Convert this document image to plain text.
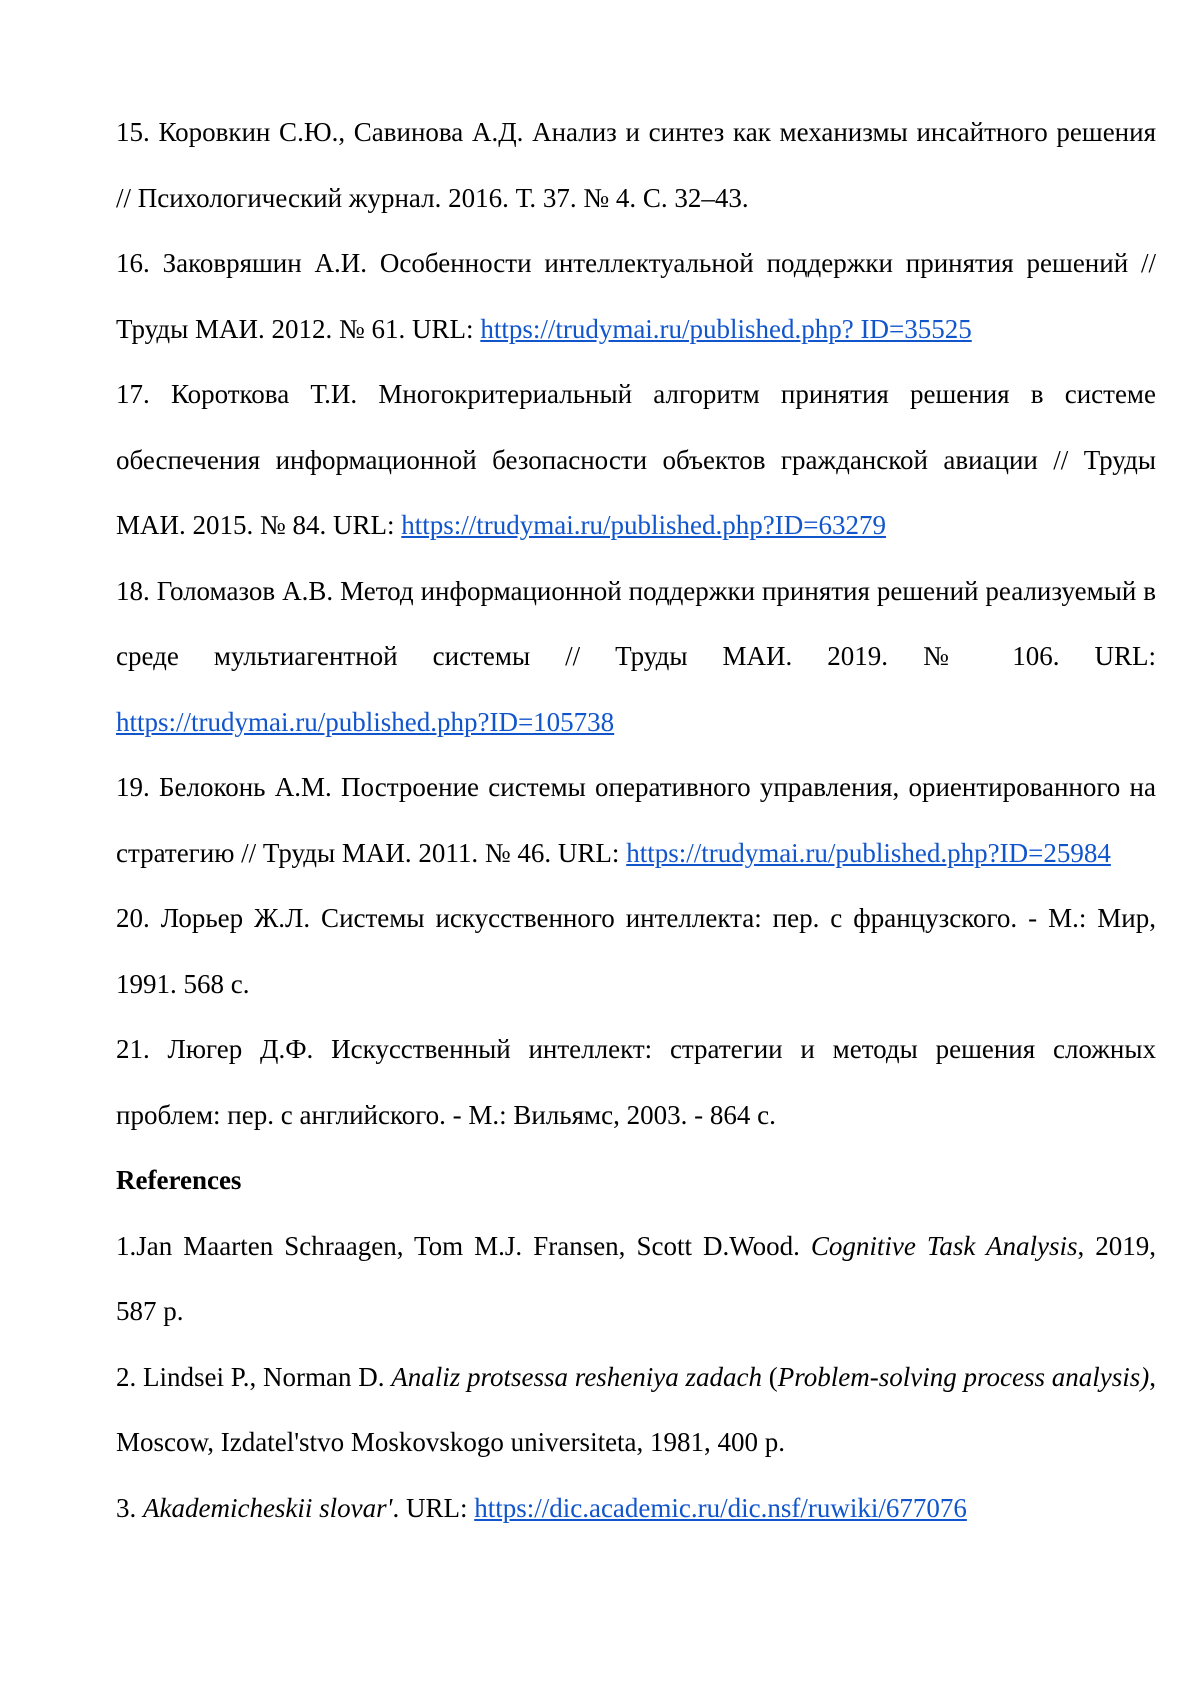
15. Коровкин С.Ю., Савинова А.Д. Анализ и синтез как механизмы инсайтного решения // Психологический журнал. 2016. Т. 37. № 4. С. 32–43.

16. Заковряшин А.И. Особенности интеллектуальной поддержки принятия решений // Труды МАИ. 2012. № 61. URL: https://trudymai.ru/published.php? ID=35525

17. Короткова Т.И. Многокритериальный алгоритм принятия решения в системе обеспечения информационной безопасности объектов гражданской авиации // Труды МАИ. 2015. № 84. URL: https://trudymai.ru/published.php?ID=63279

18. Голомазов А.В. Метод информационной поддержки принятия решений реализуемый в среде мультиагентной системы // Труды МАИ. 2019. № 106. URL: https://trudymai.ru/published.php?ID=105738

19. Белоконь А.М. Построение системы оперативного управления, ориентированного на стратегию // Труды МАИ. 2011. № 46. URL: https://trudymai.ru/published.php?ID=25984

20. Лорьер Ж.Л. Системы искусственного интеллекта: пер. с французского. - М.: Мир, 1991. 568 с.

21. Люгер Д.Ф. Искусственный интеллект: стратегии и методы решения сложных проблем: пер. с английского. - М.: Вильямс, 2003. - 864 с.

References

1.Jan Maarten Schraagen, Tom M.J. Fransen, Scott D.Wood. Cognitive Task Analysis, 2019, 587 p.

2. Lindsei P., Norman D. Analiz protsessa resheniya zadach (Problem-solving process analysis), Moscow, Izdatel'stvo Moskovskogo universiteta, 1981, 400 p.

3. Akademicheskii slovar'. URL: https://dic.academic.ru/dic.nsf/ruwiki/677076
